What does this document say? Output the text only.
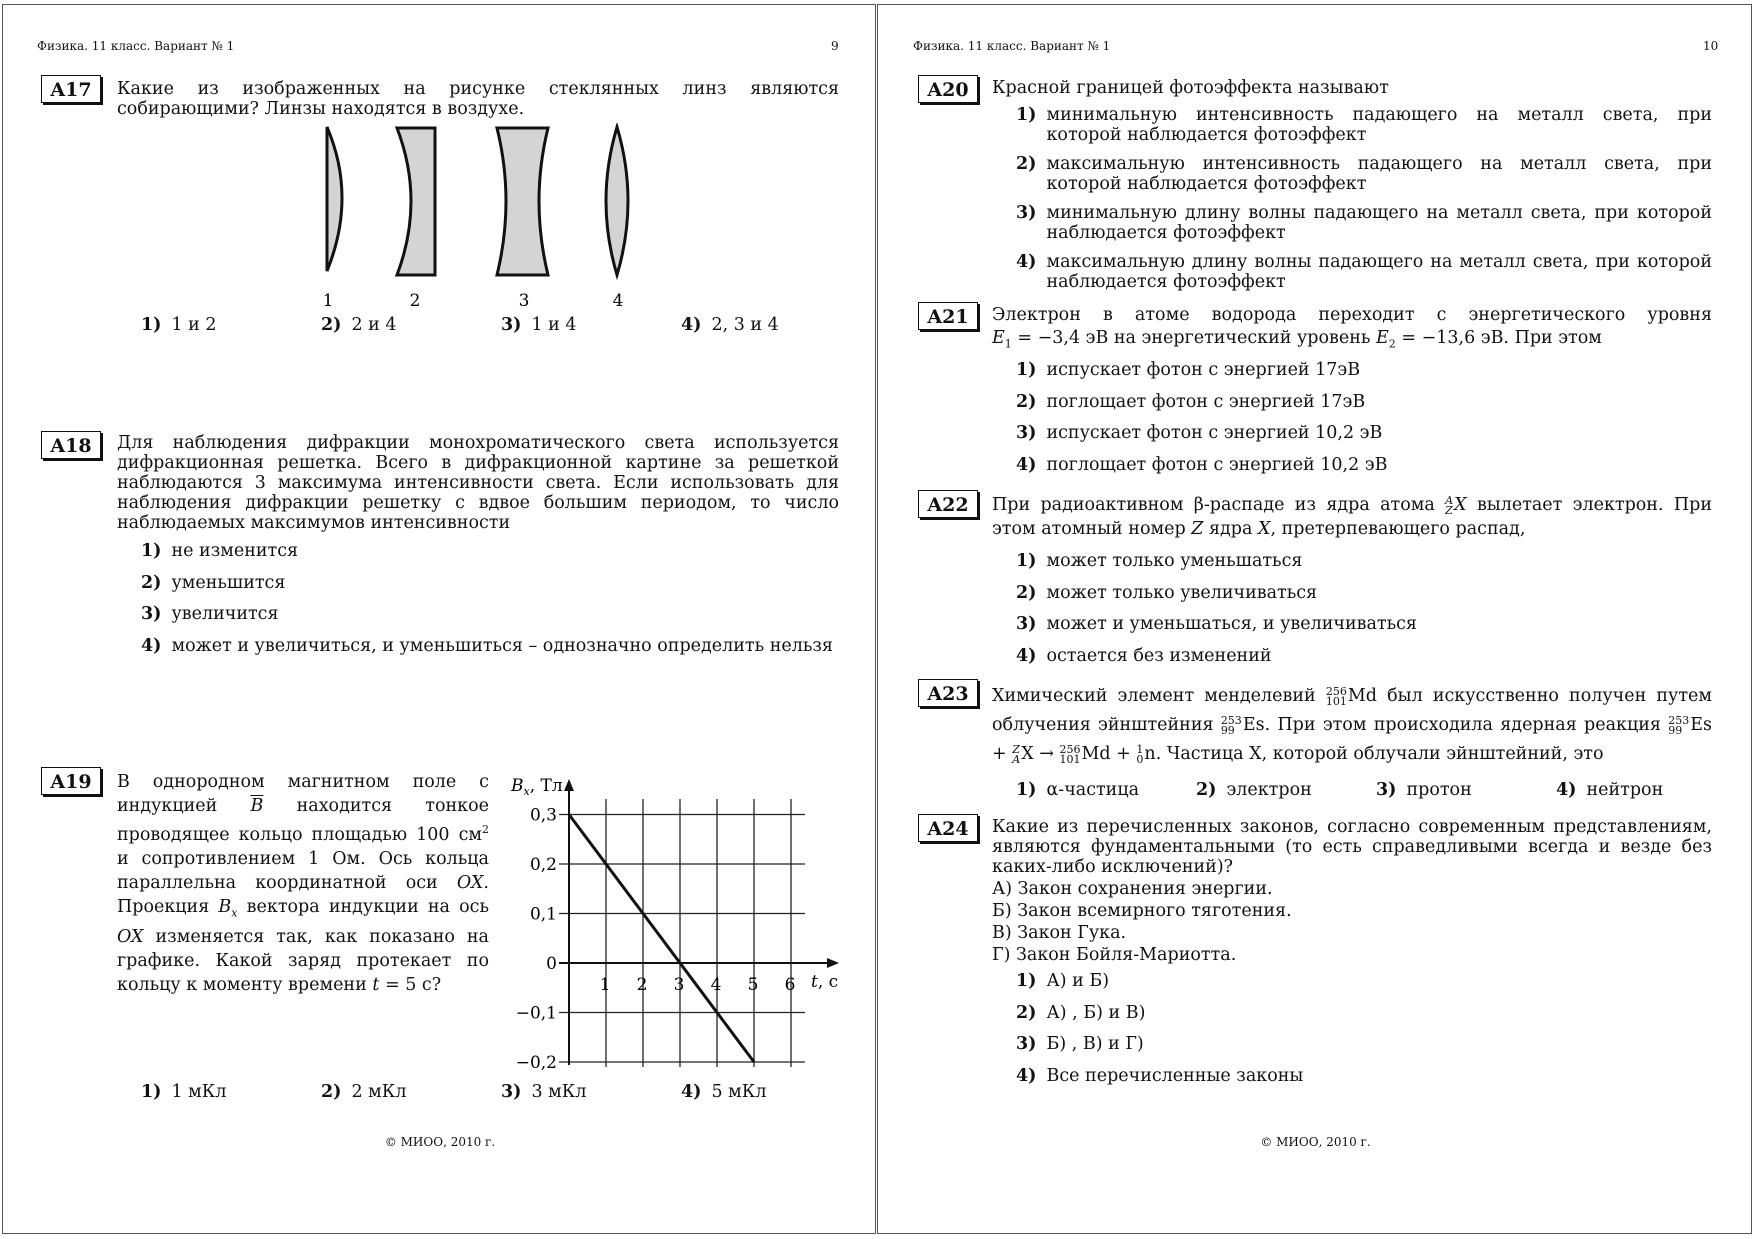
Физика. 11 класс. Вариант № 1	9
A17	Какие из изображенных на рисунке стеклянных линз являются
собирающими? Линзы находятся в воздухе.
1	2	3	4
1) 1 и 2	2) 2 и 4	3) 1 и 4	4) 2, 3 и 4
A18	Для наблюдения дифракции монохроматического света используется дифракционная решетка. Всего в дифракционной картине за решеткой наблюдаются 3 максимума интенсивности света. Если использовать для наблюдения дифракции решетку с вдвое большим периодом, то число наблюдаемых максимумов интенсивности
1) не изменится
2) уменьшится
3) увеличится
4) может и увеличиться, и уменьшиться – однозначно определить нельзя
A19	В однородном магнитном поле с индукцией $\overline{B}$ находится тонкое проводящее кольцо площадью 100 $см^2$ и сопротивлением 1 Ом. Ось кольца параллельна координатной оси OX. Проекция $B_x$ вектора индукции на ось OX изменяется так, как показано на графике. Какой заряд протекает по кольцу к моменту времени t = 5 с?
$B_x$, Тл
t, с
0,3
0,2
0,1
0
−0,1
−0,2
1 2 3 4 5 6
1) 1 мКл	2) 2 мКл	3) 3 мКл	4) 5 мКл
© МИОО, 2010 г.
Физика. 11 класс. Вариант № 1	10
A20	Красной границей фотоэффекта называют
1) минимальную интенсивность падающего на металл света, при которой наблюдается фотоэффект
2) максимальную интенсивность падающего на металл света, при которой наблюдается фотоэффект
3) минимальную длину волны падающего на металл света, при которой наблюдается фотоэффект
4) максимальную длину волны падающего на металл света, при которой наблюдается фотоэффект
A21	Электрон в атоме водорода переходит с энергетического уровня
$E_1 = -3,4$ эВ на энергетический уровень $E_2 = -13,6$ эВ. При этом
1) испускает фотон с энергией 17эВ
2) поглощает фотон с энергией 17эВ
3) испускает фотон с энергией 10,2 эВ
4) поглощает фотон с энергией 10,2 эВ
A22	При радиоактивном β-распаде из ядра атома A
Z X вылетает электрон. При этом атомный номер Z ядра X, претерпевающего распад,
1) может только уменьшаться
2) может только увеличиваться
3) может и уменьшаться, и увеличиваться
4) остается без изменений
A23	Химический элемент менделевий 256
101 Md был искусственно получен путем облучения эйнштейния 253
99 Es. При этом происходила ядерная реакция 253
99 Es + Z
A X → 256
101 Md + 1
0 n. Частица X, которой облучали эйнштейний, это
1) α-частица	2) электрон	3) протон	4) нейтрон
A24	Какие из перечисленных законов, согласно современным представлениям, являются фундаментальными (то есть справедливыми всегда и везде без каких-либо исключений)?
А) Закон сохранения энергии.
Б) Закон всемирного тяготения.
В) Закон Гука.
Г) Закон Бойля-Мариотта.
1) А) и Б)
2) А) , Б) и В)
3) Б) , В) и Г)
4) Все перечисленные законы
© МИОО, 2010 г.
